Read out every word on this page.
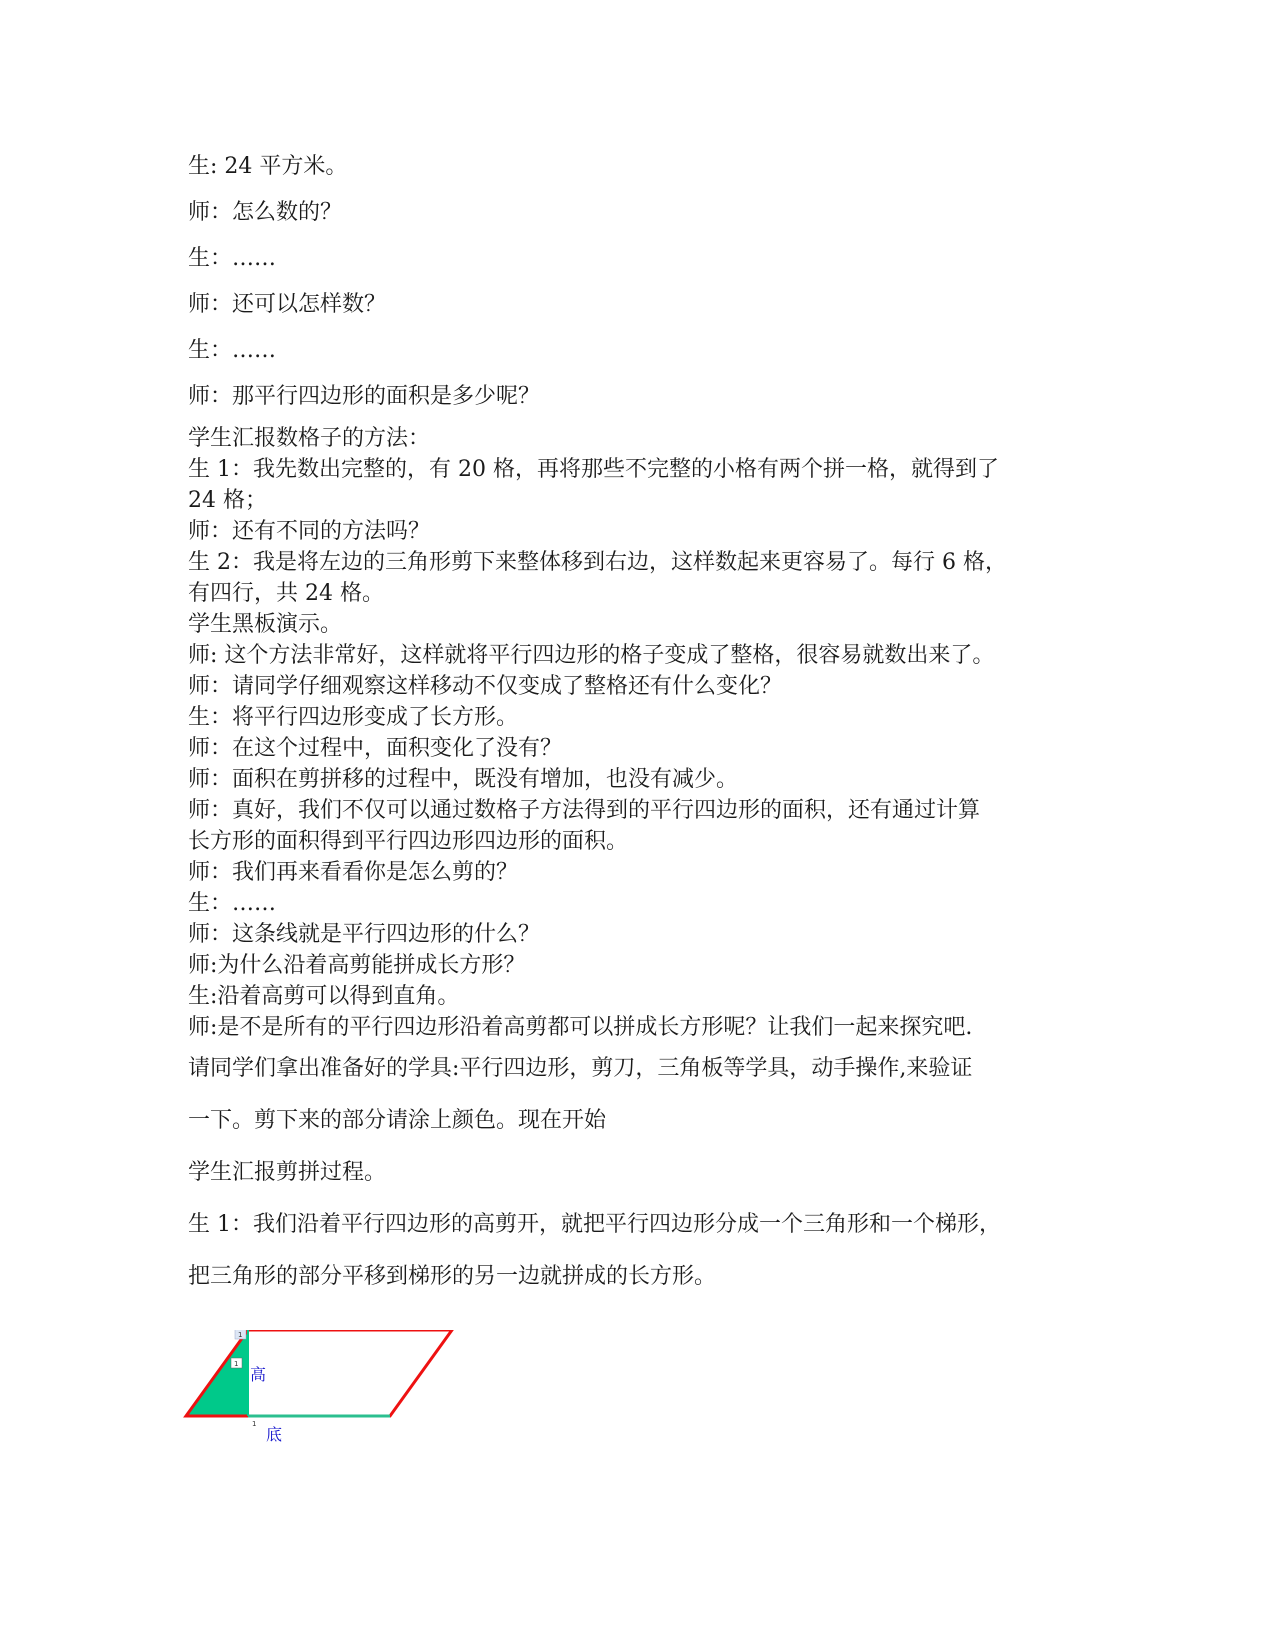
生: 24 平方米。
师：怎么数的？
生：……
师：还可以怎样数？
生：……
师：那平行四边形的面积是多少呢？
学生汇报数格子的方法：
生 1：我先数出完整的，有 20 格，再将那些不完整的小格有两个拼一格，就得到了
24 格；
师：还有不同的方法吗？
生 2：我是将左边的三角形剪下来整体移到右边，这样数起来更容易了。每行 6 格，
有四行，共 24 格。
学生黑板演示。
师: 这个方法非常好，这样就将平行四边形的格子变成了整格，很容易就数出来了。
师：请同学仔细观察这样移动不仅变成了整格还有什么变化？
生：将平行四边形变成了长方形。
师：在这个过程中，面积变化了没有？
师：面积在剪拼移的过程中，既没有增加，也没有减少。
师：真好，我们不仅可以通过数格子方法得到的平行四边形的面积，还有通过计算
长方形的面积得到平行四边形四边形的面积。
师：我们再来看看你是怎么剪的？
生：……
师：这条线就是平行四边形的什么？
师:为什么沿着高剪能拼成长方形？
生:沿着高剪可以得到直角。
师:是不是所有的平行四边形沿着高剪都可以拼成长方形呢？让我们一起来探究吧.
请同学们拿出准备好的学具:平行四边形，剪刀，三角板等学具，动手操作,来验证
一下。剪下来的部分请涂上颜色。现在开始
学生汇报剪拼过程。
生 1：我们沿着平行四边形的高剪开，就把平行四边形分成一个三角形和一个梯形，
把三角形的部分平移到梯形的另一边就拼成的长方形。
1
1
1
高
底
